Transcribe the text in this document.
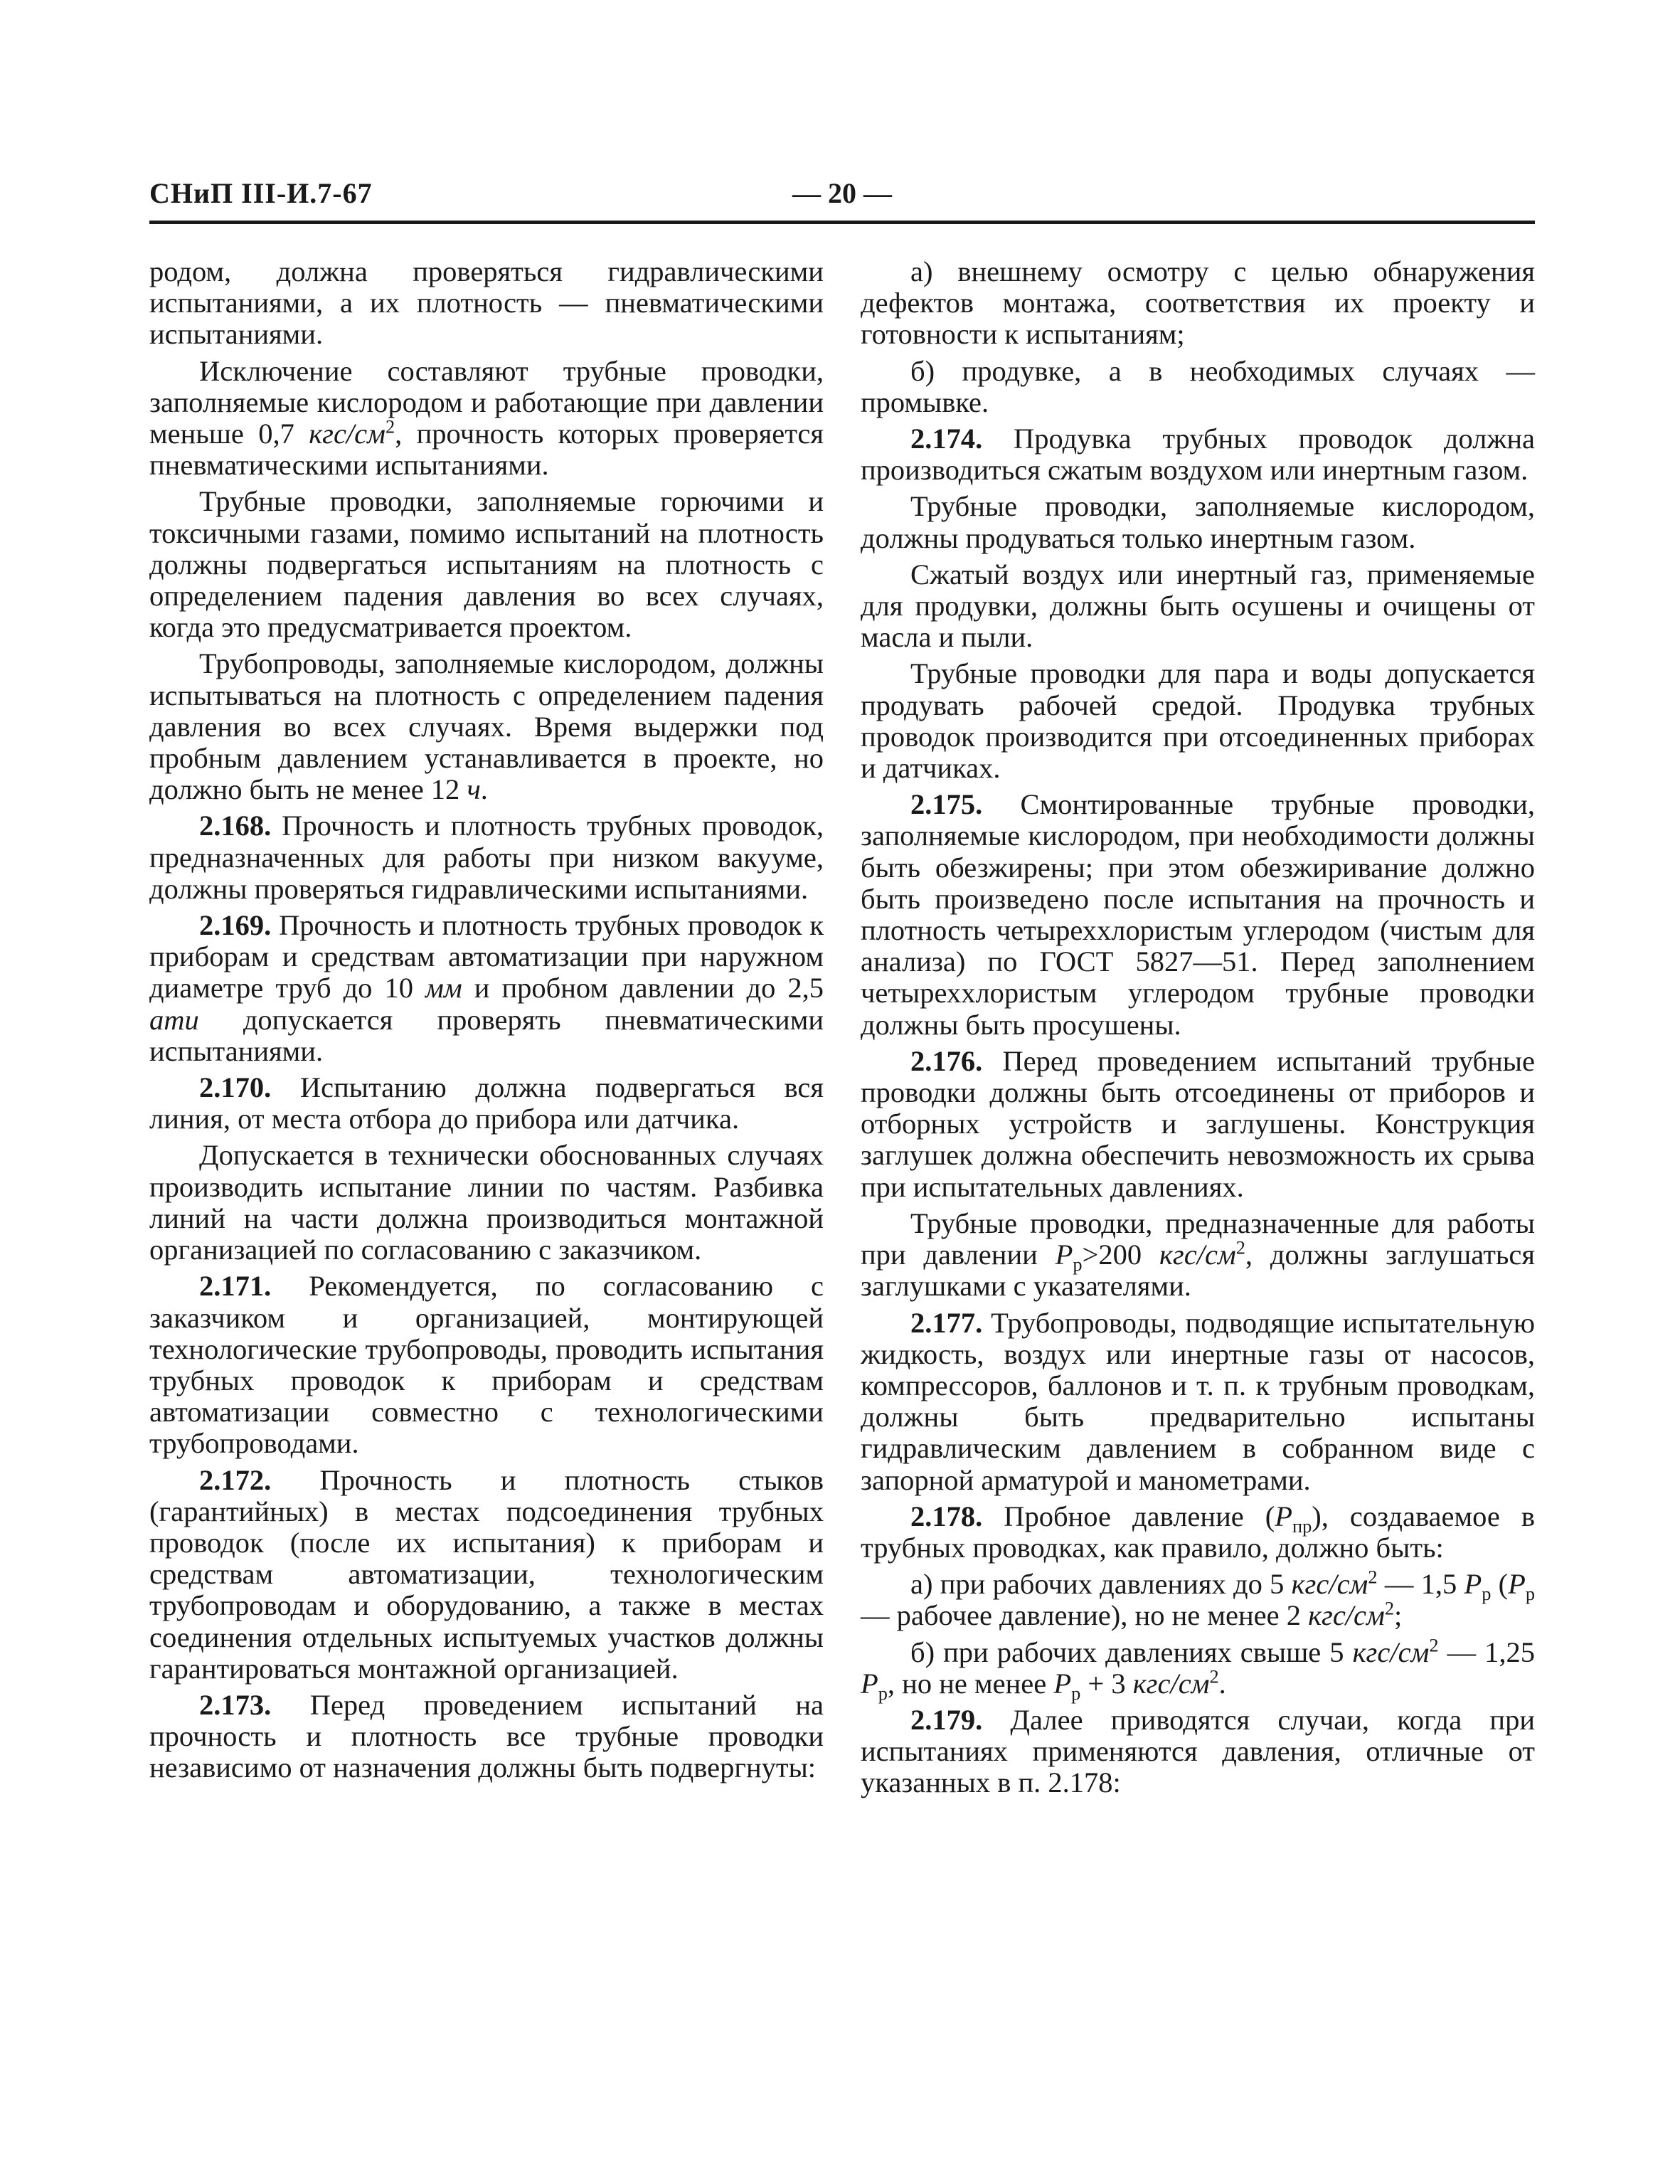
СНиП III-И.7-67	— 20 —

родом, должна проверяться гидравлическими испытаниями, а их плотность — пневматическими испытаниями.

Исключение составляют трубные проводки, заполняемые кислородом и работающие при давлении меньше 0,7 кгс/$см^2$, прочность которых проверяется пневматическими испытаниями.

Трубные проводки, заполняемые горючими и токсичными газами, помимо испытаний на плотность должны подвергаться испытаниям на плотность с определением падения давления во всех случаях, когда это предусматривается проектом.

Трубопроводы, заполняемые кислородом, должны испытываться на плотность с определением падения давления во всех случаях. Время выдержки под пробным давлением устанавливается в проекте, но должно быть не менее 12 ч.

2.168. Прочность и плотность трубных проводок, предназначенных для работы при низком вакууме, должны проверяться гидравлическими испытаниями.

2.169. Прочность и плотность трубных проводок к приборам и средствам автоматизации при наружном диаметре труб до 10 мм и пробном давлении до 2,5 ати допускается проверять пневматическими испытаниями.

2.170. Испытанию должна подвергаться вся линия, от места отбора до прибора или датчика.

Допускается в технически обоснованных случаях производить испытание линии по частям. Разбивка линий на части должна производиться монтажной организацией по согласованию с заказчиком.

2.171. Рекомендуется, по согласованию с заказчиком и организацией, монтирующей технологические трубопроводы, проводить испытания трубных проводок к приборам и средствам автоматизации совместно с технологическими трубопроводами.

2.172. Прочность и плотность стыков (гарантийных) в местах подсоединения трубных проводок (после их испытания) к приборам и средствам автоматизации, технологическим трубопроводам и оборудованию, а также в местах соединения отдельных испытуемых участков должны гарантироваться монтажной организацией.

2.173. Перед проведением испытаний на прочность и плотность все трубные проводки независимо от назначения должны быть подвергнуты:

а) внешнему осмотру с целью обнаружения дефектов монтажа, соответствия их проекту и готовности к испытаниям;

б) продувке, а в необходимых случаях — промывке.

2.174. Продувка трубных проводок должна производиться сжатым воздухом или инертным газом.

Трубные проводки, заполняемые кислородом, должны продуваться только инертным газом.

Сжатый воздух или инертный газ, применяемые для продувки, должны быть осушены и очищены от масла и пыли.

Трубные проводки для пара и воды допускается продувать рабочей средой. Продувка трубных проводок производится при отсоединенных приборах и датчиках.

2.175. Смонтированные трубные проводки, заполняемые кислородом, при необходимости должны быть обезжирены; при этом обезжиривание должно быть произведено после испытания на прочность и плотность четыреххлористым углеродом (чистым для анализа) по ГОСТ 5827—51. Перед заполнением четыреххлористым углеродом трубные проводки должны быть просушены.

2.176. Перед проведением испытаний трубные проводки должны быть отсоединены от приборов и отборных устройств и заглушены. Конструкция заглушек должна обеспечить невозможность их срыва при испытательных давлениях.

Трубные проводки, предназначенные для работы при давлении $P_р>200$ кгс/$см^2$, должны заглушаться заглушками с указателями.

2.177. Трубопроводы, подводящие испытательную жидкость, воздух или инертные газы от насосов, компрессоров, баллонов и т. п. к трубным проводкам, должны быть предварительно испытаны гидравлическим давлением в собранном виде с запорной арматурой и манометрами.

2.178. Пробное давление $(P_{пр})$, создаваемое в трубных проводках, как правило, должно быть:

а) при рабочих давлениях до 5 кгс/$см^2$ — 1,5 $P_р$ ($P_р$ — рабочее давление), но не менее 2 кгс/$см^2$;

б) при рабочих давлениях свыше 5 кгс/$см^2$ — 1,25 $P_р$, но не менее $P_р + 3$ кгс/$см^2$.

2.179. Далее приводятся случаи, когда при испытаниях применяются давления, отличные от указанных в п. 2.178:
